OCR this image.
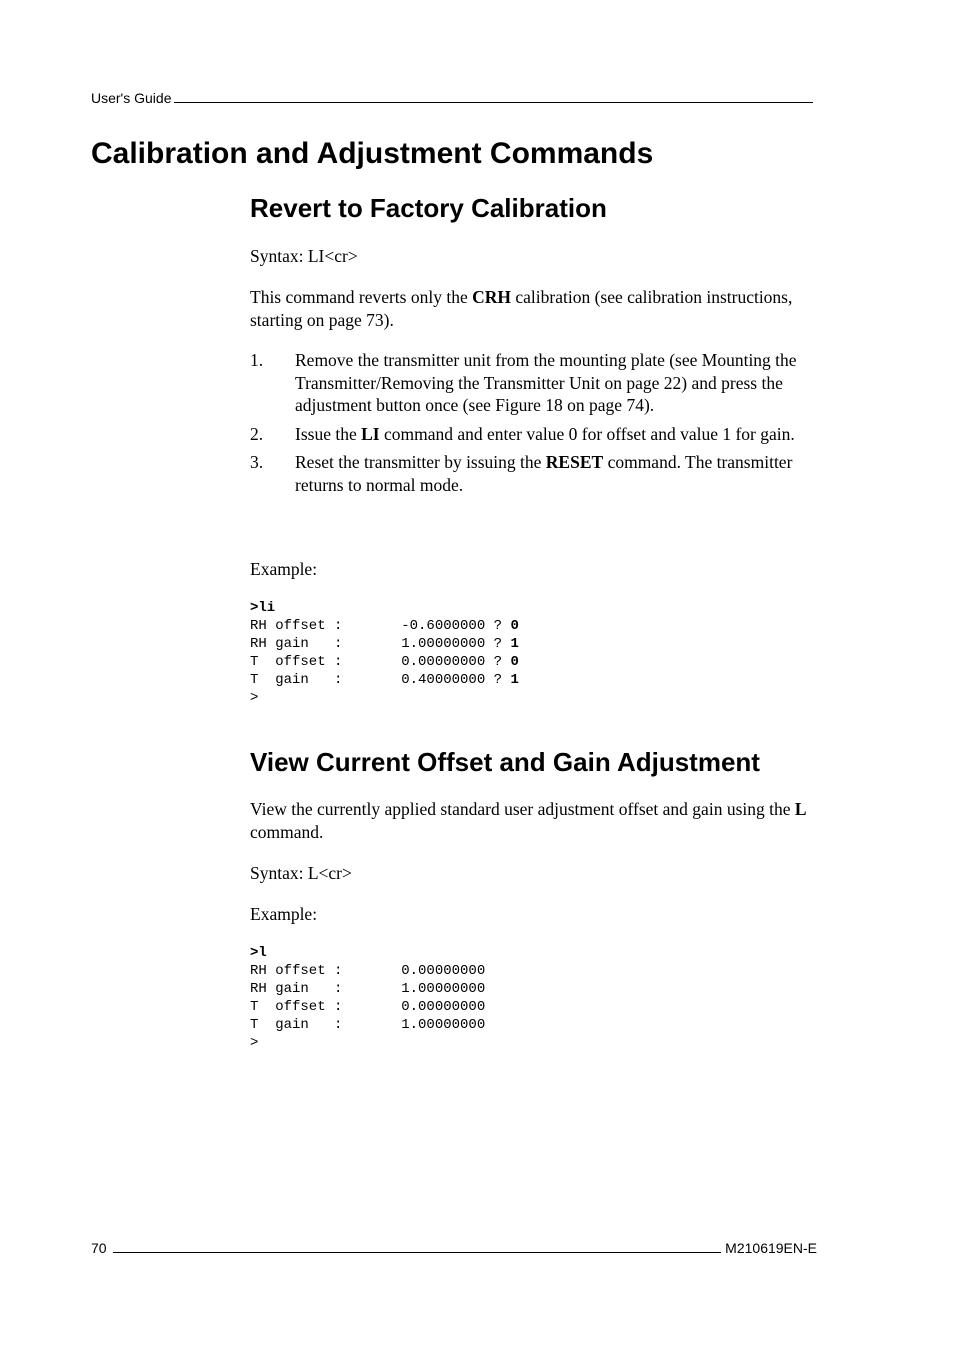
User's Guide
Calibration and Adjustment Commands
Revert to Factory Calibration

Syntax: LI<cr>

This command reverts only the CRH calibration (see calibration instructions, starting on page 73).

1.	Remove the transmitter unit from the mounting plate (see Mounting the Transmitter/Removing the Transmitter Unit on page 22) and press the adjustment button once (see Figure 18 on page 74).
2.	Issue the LI command and enter value 0 for offset and value 1 for gain.
3.	Reset the transmitter by issuing the RESET command. The transmitter returns to normal mode.

Example:

>li
RH offset :       -0.6000000 ? 0
RH gain   :       1.00000000 ? 1
T  offset :       0.00000000 ? 0
T  gain   :       0.40000000 ? 1
>
View Current Offset and Gain Adjustment

View the currently applied standard user adjustment offset and gain using the L command.

Syntax: L<cr>

Example:

>l
RH offset :       0.00000000
RH gain   :       1.00000000
T  offset :       0.00000000
T  gain   :       1.00000000
>
70	M210619EN-E
